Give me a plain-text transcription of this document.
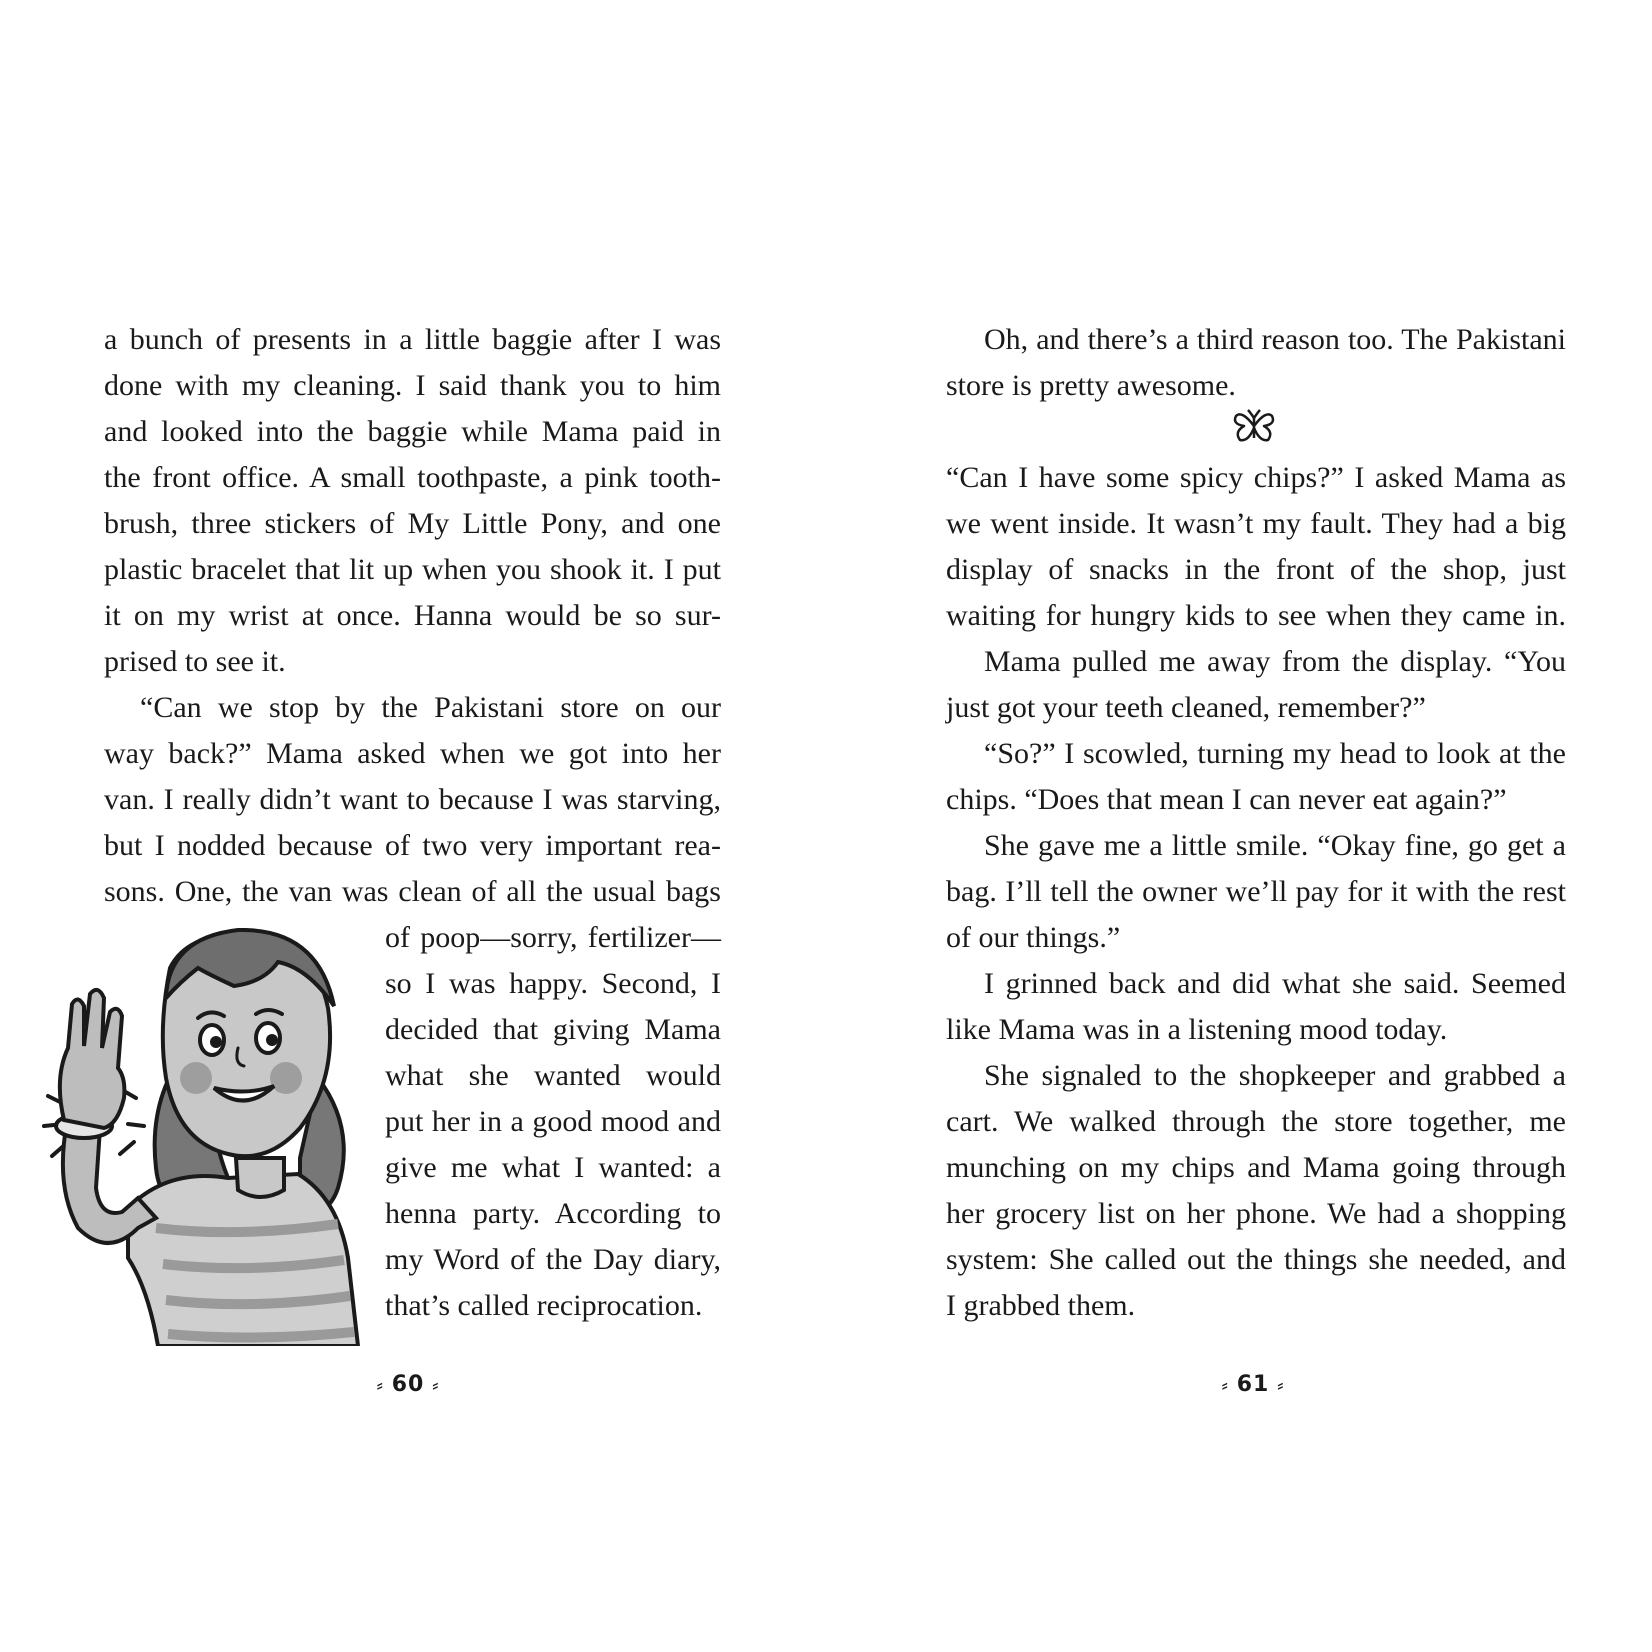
a bunch of presents in a little baggie after I was
done with my cleaning. I said thank you to him
and looked into the baggie while Mama paid in
the front office. A small toothpaste, a pink tooth-
brush, three stickers of My Little Pony, and one
plastic bracelet that lit up when you shook it. I put
it on my wrist at once. Hanna would be so sur-
prised to see it.
“Can we stop by the Pakistani store on our
way back?” Mama asked when we got into her
van. I really didn’t want to because I was starving,
but I nodded because of two very important rea-
sons. One, the van was clean of all the usual bags
of poop—sorry, fertilizer—
so I was happy. Second, I
decided that giving Mama
what she wanted would
put her in a good mood and
give me what I wanted: a
henna party. According to
my Word of the Day diary,
that’s called reciprocation.
⸗ 60 ⸗
Oh, and there’s a third reason too. The Pakistani
store is pretty awesome.
“Can I have some spicy chips?” I asked Mama as
we went inside. It wasn’t my fault. They had a big
display of snacks in the front of the shop, just
waiting for hungry kids to see when they came in.
Mama pulled me away from the display. “You
just got your teeth cleaned, remember?”
“So?” I scowled, turning my head to look at the
chips. “Does that mean I can never eat again?”
She gave me a little smile. “Okay fine, go get a
bag. I’ll tell the owner we’ll pay for it with the rest
of our things.”
I grinned back and did what she said. Seemed
like Mama was in a listening mood today.
She signaled to the shopkeeper and grabbed a
cart. We walked through the store together, me
munching on my chips and Mama going through
her grocery list on her phone. We had a shopping
system: She called out the things she needed, and
I grabbed them.
⸗ 61 ⸗
